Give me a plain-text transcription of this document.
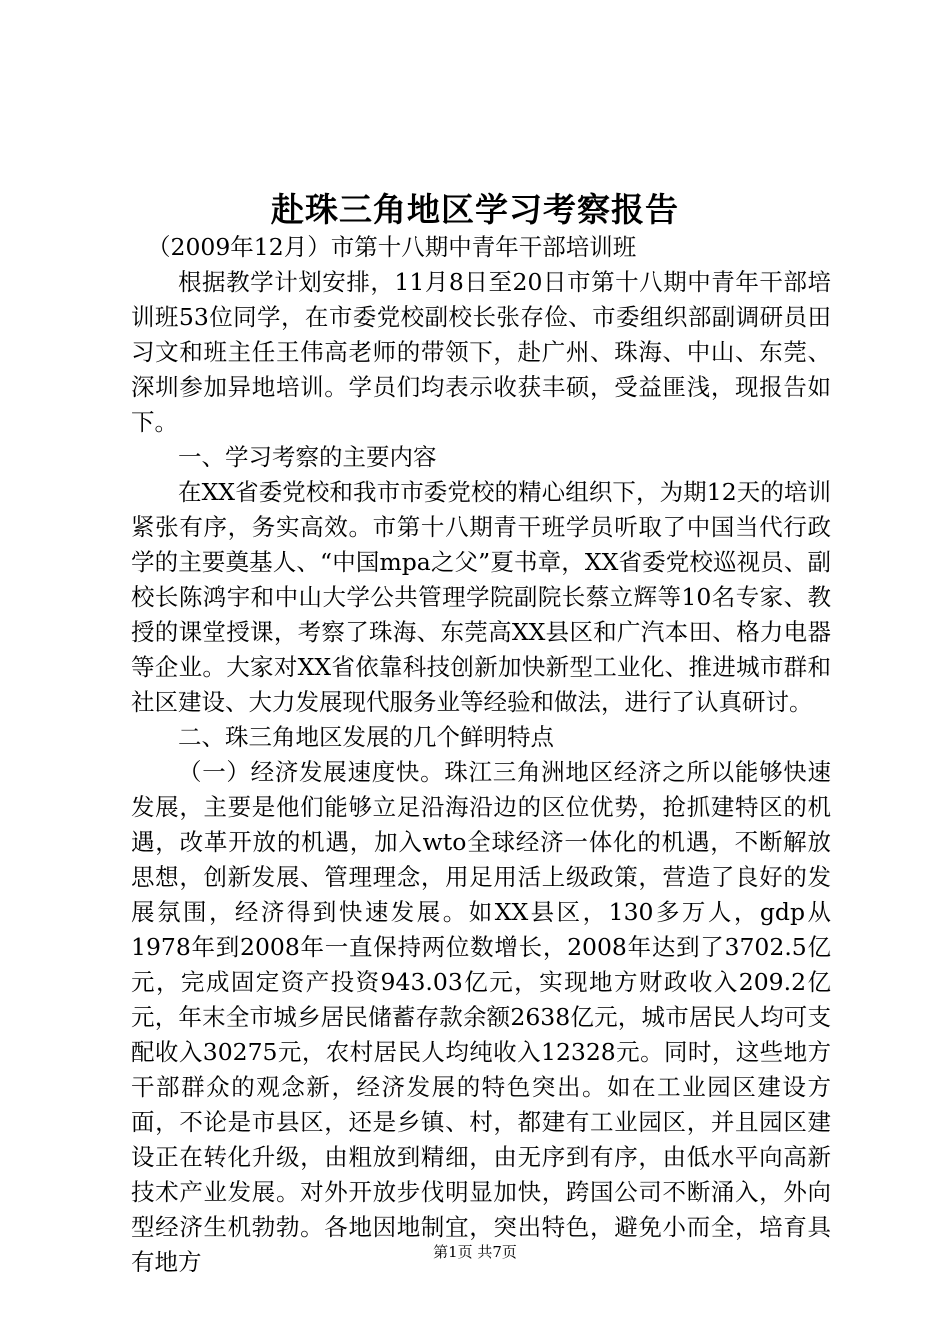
赴珠三角地区学习考察报告

（2009年12月）市第十八期中青年干部培训班

根据教学计划安排，11月8日至20日市第十八期中青年干部培训班53位同学，在市委党校副校长张存俭、市委组织部副调研员田习文和班主任王伟高老师的带领下，赴广州、珠海、中山、东莞、深圳参加异地培训。学员们均表示收获丰硕，受益匪浅，现报告如下。

一、学习考察的主要内容

在XX省委党校和我市市委党校的精心组织下，为期12天的培训紧张有序，务实高效。市第十八期青干班学员听取了中国当代行政学的主要奠基人、“中国mpa之父”夏书章，XX省委党校巡视员、副校长陈鸿宇和中山大学公共管理学院副院长蔡立辉等10名专家、教授的课堂授课，考察了珠海、东莞高XX县区和广汽本田、格力电器等企业。大家对XX省依靠科技创新加快新型工业化、推进城市群和社区建设、大力发展现代服务业等经验和做法，进行了认真研讨。

二、珠三角地区发展的几个鲜明特点

（一）经济发展速度快。珠江三角洲地区经济之所以能够快速发展，主要是他们能够立足沿海沿边的区位优势，抢抓建特区的机遇，改革开放的机遇，加入wto全球经济一体化的机遇，不断解放思想，创新发展、管理理念，用足用活上级政策，营造了良好的发展氛围，经济得到快速发展。如XX县区，130多万人，gdp从1978年到2008年一直保持两位数增长，2008年达到了3702.5亿元，完成固定资产投资943.03亿元，实现地方财政收入209.2亿元，年末全市城乡居民储蓄存款余额2638亿元，城市居民人均可支配收入30275元，农村居民人均纯收入12328元。同时，这些地方干部群众的观念新，经济发展的特色突出。如在工业园区建设方面，不论是市县区，还是乡镇、村，都建有工业园区，并且园区建设正在转化升级，由粗放到精细，由无序到有序，由低水平向高新技术产业发展。对外开放步伐明显加快，跨国公司不断涌入，外向型经济生机勃勃。各地因地制宜，突出特色，避免小而全，培育具有地方	第1页 共7页
